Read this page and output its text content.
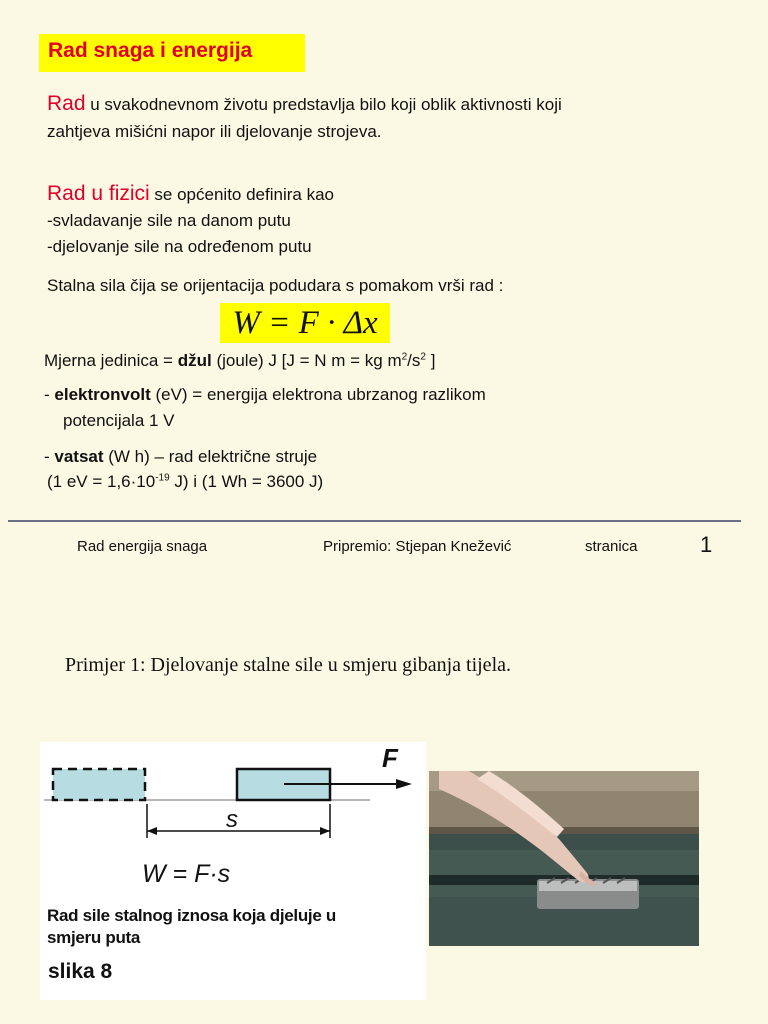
Rad snaga i energija
Rad u svakodnevnom životu predstavlja bilo koji oblik aktivnosti koji
zahtjeva mišićni napor ili djelovanje strojeva.
Rad u fizici se općenito definira kao
-svladavanje sile na danom putu
-djelovanje sile na određenom putu
Stalna sila čija se orijentacija podudara s pomakom vrši rad :
W = F · Δx
Mjerna jedinica = džul (joule) J [J = N m = kg $m^2/s^2$ ]
- elektronvolt (eV) = energija elektrona ubrzanog razlikom
potencijala 1 V
- vatsat (W h) – rad električne struje
(1 eV = $1,6\cdot 10^{-19}$ J) i (1 Wh = 3600 J)
Rad energija snaga	Pripremio: Stjepan Knežević	stranica	1
Primjer 1: Djelovanje stalne sile u smjeru gibanja tijela.
F
s
W = F·s
Rad sile stalnog iznosa koja djeluje u
smjeru puta
slika 8
